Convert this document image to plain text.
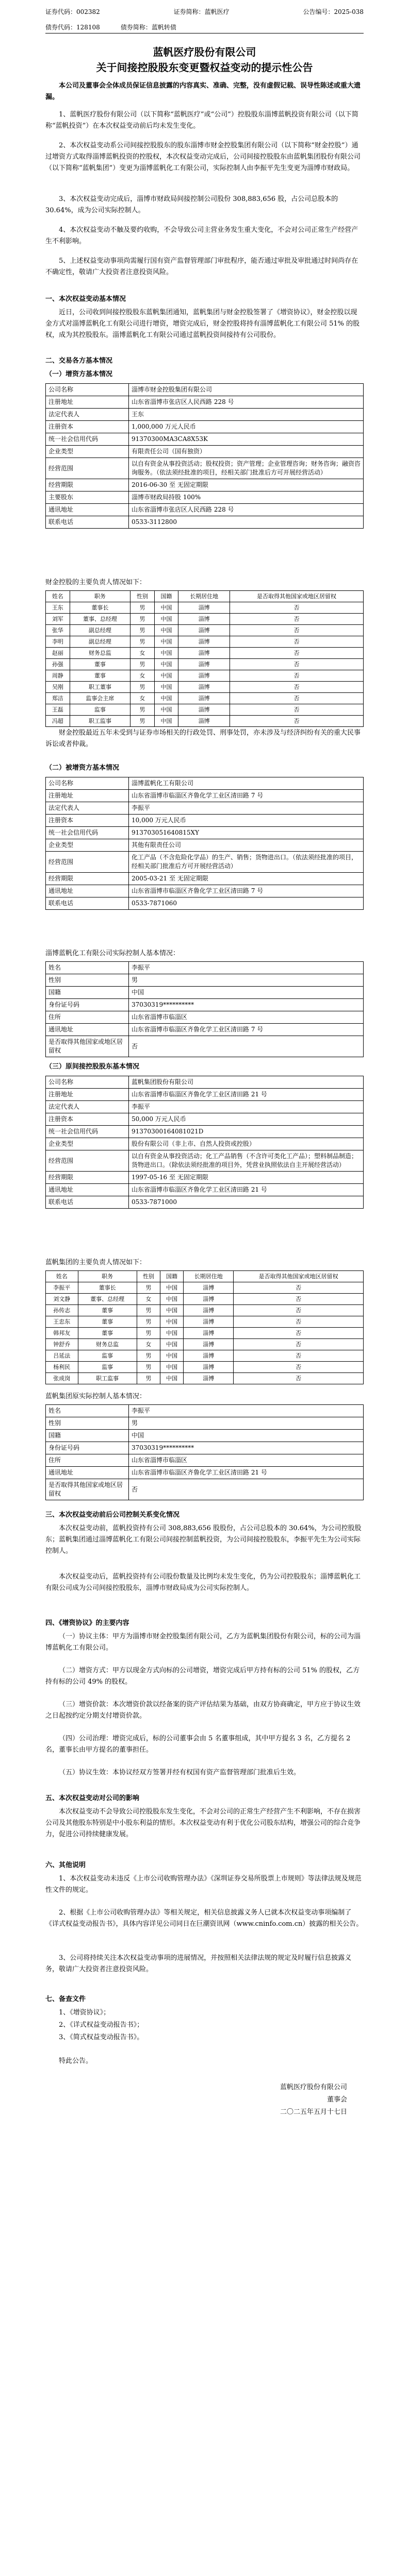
证券代码：002382	证券简称：蓝帆医疗	公告编号：2025-038
债券代码：128108	债券简称：蓝帆转债
蓝帆医疗股份有限公司
关于间接控股股东变更暨权益变动的提示性公告
本公司及董事会全体成员保证信息披露的内容真实、准确、完整，没有虚假记载、误导性陈述或重大遗漏。

1、蓝帆医疗股份有限公司（以下简称“蓝帆医疗”或“公司”）控股股东淄博蓝帆投资有限公司（以下简称“蓝帆投资”）在本次权益变动前后均未发生变化。

2、本次权益变动系公司间接控股股东的股东淄博市财金控股集团有限公司（以下简称“财金控股”）通过增资方式取得淄博蓝帆投资的控股权，本次权益变动完成后，公司间接控股股东由蓝帆集团股份有限公司（以下简称“蓝帆集团”）变更为淄博蓝帆化工有限公司，实际控制人由李振平先生变更为淄博市财政局。

3、本次权益变动完成后，淄博市财政局间接控制公司股份 308,883,656 股，占公司总股本的 30.64%，成为公司实际控制人。

4、本次权益变动不触及要约收购，不会导致公司主营业务发生重大变化，不会对公司正常生产经营产生不利影响。

5、上述权益变动事项尚需履行国有资产监督管理部门审批程序，能否通过审批及审批通过时间尚存在不确定性，敬请广大投资者注意投资风险。

一、本次权益变动基本情况

近日，公司收到间接控股股东蓝帆集团通知，蓝帆集团与财金控股签署了《增资协议》，财金控股以现金方式对淄博蓝帆化工有限公司进行增资，增资完成后，财金控股将持有淄博蓝帆化工有限公司 51% 的股权，成为其控股股东。淄博蓝帆化工有限公司通过蓝帆投资间接持有公司股份。

二、交易各方基本情况

（一）增资方基本情况

公司名称	淄博市财金控股集团有限公司
注册地址	山东省淄博市张店区人民西路 228 号
法定代表人	王东
注册资本	1,000,000 万元人民币
统一社会信用代码	91370300MA3CA8X53K
企业类型	有限责任公司（国有独资）
经营范围	以自有资金从事投资活动；股权投资；资产管理；企业管理咨询；财务咨询；融资咨询服务。（依法须经批准的项目，经相关部门批准后方可开展经营活动）
经营期限	2016-06-30 至 无固定期限
主要股东	淄博市财政局持股 100%
通讯地址	山东省淄博市张店区人民西路 228 号
联系电话	0533-3112800

财金控股的主要负责人情况如下：

姓名	职务	性别	国籍	长期居住地	是否取得其他国家或地区居留权
王东	董事长	男	中国	淄博	否
刘军	董事、总经理	男	中国	淄博	否
张华	副总经理	男	中国	淄博	否
李明	副总经理	男	中国	淄博	否
赵丽	财务总监	女	中国	淄博	否
孙强	董事	男	中国	淄博	否
周静	董事	女	中国	淄博	否
吴刚	职工董事	男	中国	淄博	否
郑洁	监事会主席	女	中国	淄博	否
王磊	监事	男	中国	淄博	否
冯超	职工监事	男	中国	淄博	否

财金控股最近五年未受到与证券市场相关的行政处罚、刑事处罚，亦未涉及与经济纠纷有关的重大民事诉讼或者仲裁。

（二）被增资方基本情况

公司名称	淄博蓝帆化工有限公司
注册地址	山东省淄博市临淄区齐鲁化学工业区清田路 7 号
法定代表人	李振平
注册资本	10,000 万元人民币
统一社会信用代码	913703051640815XY
企业类型	其他有限责任公司
经营范围	化工产品（不含危险化学品）的生产、销售；货物进出口。（依法须经批准的项目，经相关部门批准后方可开展经营活动）
经营期限	2005-03-21 至 无固定期限
通讯地址	山东省淄博市临淄区齐鲁化学工业区清田路 7 号
联系电话	0533-7871060

淄博蓝帆化工有限公司实际控制人基本情况：

姓名	李振平
性别	男
国籍	中国
身份证号码	37030319**********
住所	山东省淄博市临淄区
通讯地址	山东省淄博市临淄区齐鲁化学工业区清田路 7 号
是否取得其他国家或地区居留权	否

（三）原间接控股股东基本情况

公司名称	蓝帆集团股份有限公司
注册地址	山东省淄博市临淄区齐鲁化学工业区清田路 21 号
法定代表人	李振平
注册资本	50,000 万元人民币
统一社会信用代码	91370300164081021D
企业类型	股份有限公司（非上市、自然人投资或控股）
经营范围	以自有资金从事投资活动；化工产品销售（不含许可类化工产品）；塑料制品制造；货物进出口。（除依法须经批准的项目外，凭营业执照依法自主开展经营活动）
经营期限	1997-05-16 至 无固定期限
通讯地址	山东省淄博市临淄区齐鲁化学工业区清田路 21 号
联系电话	0533-7871000

蓝帆集团的主要负责人情况如下：

姓名	职务	性别	国籍	长期居住地	是否取得其他国家或地区居留权
李振平	董事长	男	中国	淄博	否
刘文静	董事、总经理	女	中国	淄博	否
孙传志	董事	男	中国	淄博	否
王忠东	董事	男	中国	淄博	否
韩邦友	董事	男	中国	淄博	否
钟舒乔	财务总监	女	中国	淄博	否
吕延法	监事	男	中国	淄博	否
杨利民	监事	男	中国	淄博	否
张成岗	职工监事	男	中国	淄博	否

蓝帆集团原实际控制人基本情况：

姓名	李振平
性别	男
国籍	中国
身份证号码	37030319**********
住所	山东省淄博市临淄区
通讯地址	山东省淄博市临淄区齐鲁化学工业区清田路 21 号
是否取得其他国家或地区居留权	否

三、本次权益变动前后公司控制关系变化情况

本次权益变动前，蓝帆投资持有公司 308,883,656 股股份，占公司总股本的 30.64%，为公司控股股东；蓝帆集团通过淄博蓝帆化工有限公司间接控制蓝帆投资，为公司间接控股股东，李振平先生为公司实际控制人。

本次权益变动后，蓝帆投资持有公司股份数量及比例均未发生变化，仍为公司控股股东；淄博蓝帆化工有限公司成为公司间接控股股东，淄博市财政局成为公司实际控制人。

四、《增资协议》的主要内容

（一）协议主体：甲方为淄博市财金控股集团有限公司，乙方为蓝帆集团股份有限公司，标的公司为淄博蓝帆化工有限公司。

（二）增资方式：甲方以现金方式向标的公司增资，增资完成后甲方持有标的公司 51% 的股权，乙方持有标的公司 49% 的股权。

（三）增资价款：本次增资价款以经备案的资产评估结果为基础，由双方协商确定，甲方应于协议生效之日起按约定分期支付增资价款。

（四）公司治理：增资完成后，标的公司董事会由 5 名董事组成，其中甲方提名 3 名，乙方提名 2 名，董事长由甲方提名的董事担任。

（五）协议生效：本协议经双方签署并经有权国有资产监督管理部门批准后生效。

五、本次权益变动对公司的影响

本次权益变动不会导致公司控股股东发生变化，不会对公司的正常生产经营产生不利影响，不存在损害公司及其他股东特别是中小股东利益的情形。本次权益变动有利于优化公司股东结构，增强公司的综合竞争力，促进公司持续健康发展。

六、其他说明

1、本次权益变动未违反《上市公司收购管理办法》《深圳证券交易所股票上市规则》等法律法规及规范性文件的规定。

2、根据《上市公司收购管理办法》等相关规定，相关信息披露义务人已就本次权益变动事项编制了《详式权益变动报告书》，具体内容详见公司同日在巨潮资讯网（www.cninfo.com.cn）披露的相关公告。

3、公司将持续关注本次权益变动事项的进展情况，并按照相关法律法规的规定及时履行信息披露义务，敬请广大投资者注意投资风险。

七、备查文件

1、《增资协议》；

2、《详式权益变动报告书》；

3、《简式权益变动报告书》。

特此公告。

蓝帆医疗股份有限公司
董事会
二〇二五年五月十七日
